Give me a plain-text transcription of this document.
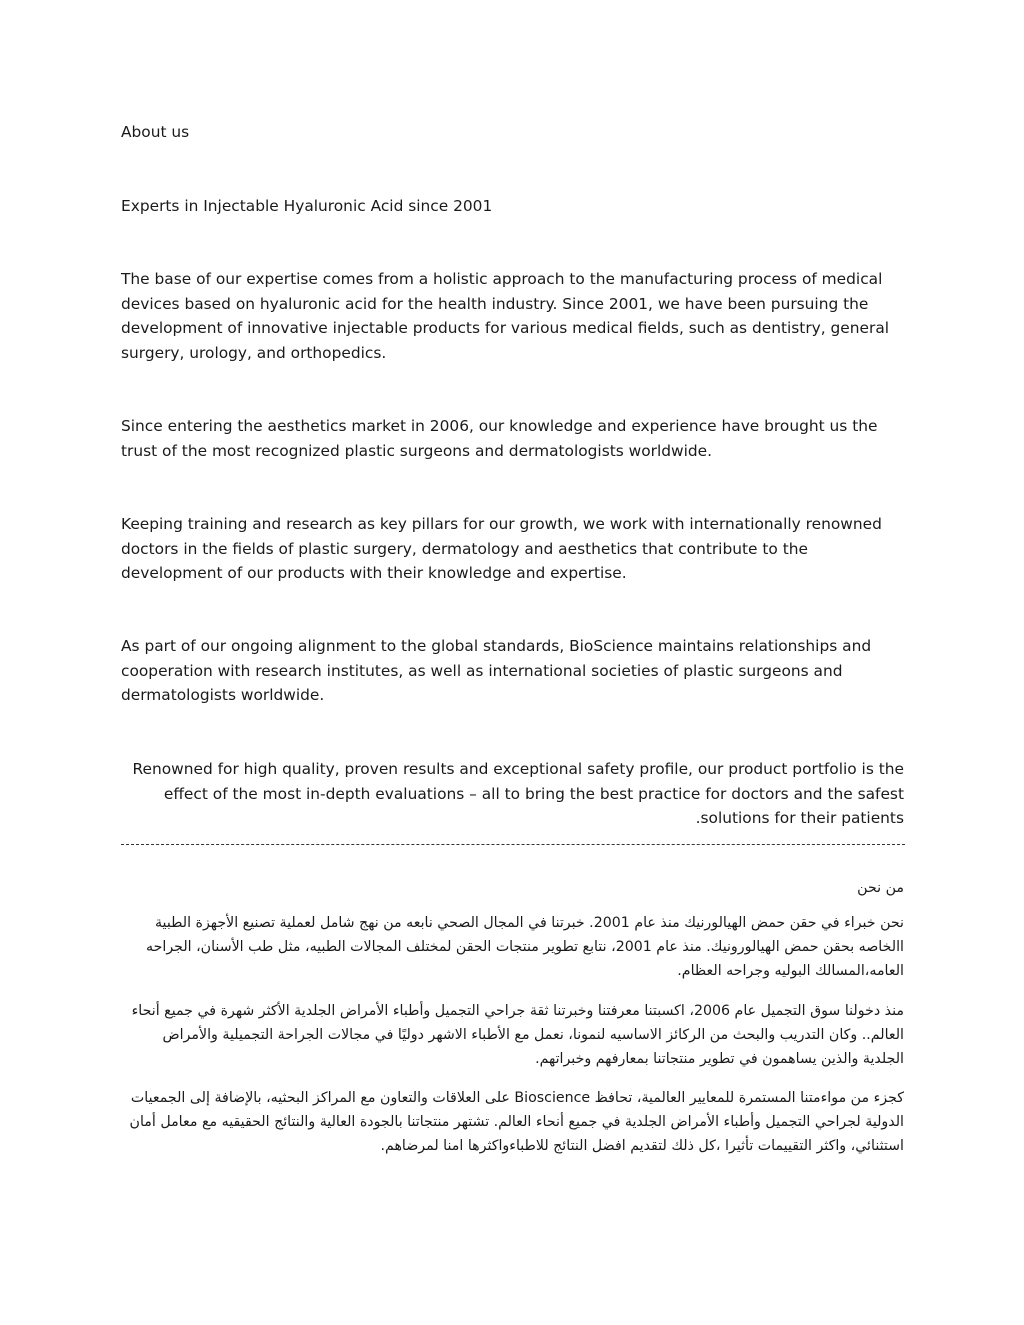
About us

Experts in Injectable Hyaluronic Acid since 2001

The base of our expertise comes from a holistic approach to the manufacturing process of medical devices based on hyaluronic acid for the health industry. Since 2001, we have been pursuing the development of innovative injectable products for various medical fields, such as dentistry, general surgery, urology, and orthopedics.

Since entering the aesthetics market in 2006, our knowledge and experience have brought us the trust of the most recognized plastic surgeons and dermatologists worldwide.

Keeping training and research as key pillars for our growth, we work with internationally renowned doctors in the fields of plastic surgery, dermatology and aesthetics that contribute to the development of our products with their knowledge and expertise.

As part of our ongoing alignment to the global standards, BioScience maintains relationships and cooperation with research institutes, as well as international societies of plastic surgeons and dermatologists worldwide.

Renowned for high quality, proven results and exceptional safety profile, our product portfolio is the
effect of the most in-depth evaluations – all to bring the best practice for doctors and the safest
.solutions for their patients

من نحن

نحن خبراء في حقن حمض الهيالورنيك منذ عام 2001. خبرتنا في المجال الصحي نابعه من نهج شامل لعملية تصنيع الأجهزة الطبية االخاصه بحقن حمض الهيالورونيك. منذ عام 2001، نتابع تطوير منتجات الحقن لمختلف المجالات الطبيه، مثل طب الأسنان، الجراحه العامه،المسالك البوليه وجراحه العظام.

منذ دخولنا سوق التجميل عام 2006، اكسبتنا معرفتنا وخبرتنا ثقة جراحي التجميل وأطباء الأمراض الجلدية الأكثر شهرة في جميع أنحاء العالم.. وكان التدريب والبحث من الركائز الاساسيه لنمونا، نعمل مع الأطباء الاشهر دوليًا في مجالات الجراحة التجميلية والأمراض الجلدية والذين يساهمون في تطوير منتجاتنا بمعارفهم وخبراتهم.

كجزء من مواءمتنا المستمرة للمعايير العالمية، تحافظ Bioscience على العلاقات والتعاون مع المراكز البحثيه، بالإضافة إلى الجمعيات الدولية لجراحي التجميل وأطباء الأمراض الجلدية في جميع أنحاء العالم. تشتهر منتجاتنا بالجودة العالية والنتائج الحقيقيه مع معامل أمان استثنائي، واكثر التقييمات تأثيرا ،كل ذلك لتقديم افضل النتائج للاطباءواكثرها امنا لمرضاهم.
